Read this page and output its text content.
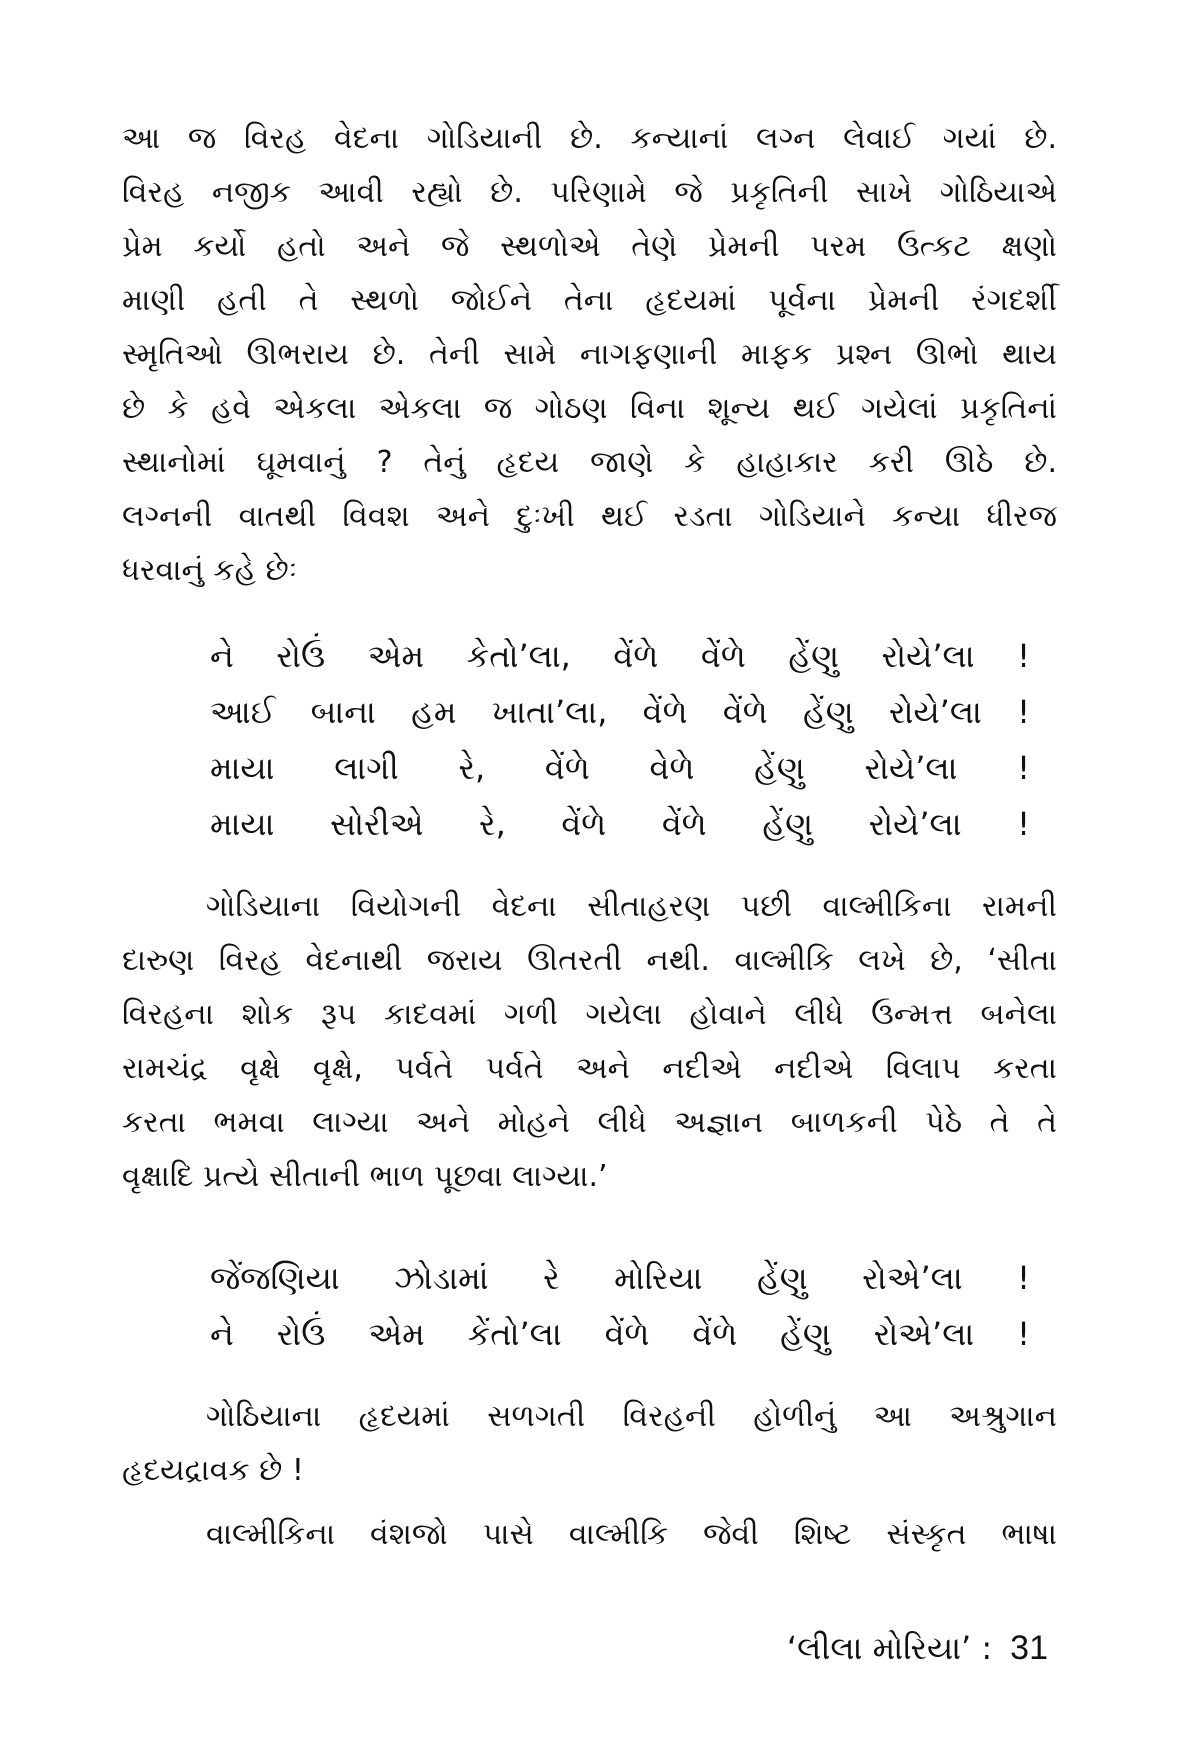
આ જ વિરહ વેદના ગોડિયાની છે. કન્યાનાં લગ્ન લેવાઈ ગયાં છે.
વિરહ નજીક આવી રહ્યો છે. પરિણામે જે પ્રકૃતિની સાખે ગોઠિયાએ
પ્રેમ કર્યો હતો અને જે સ્થળોએ તેણે પ્રેમની પરમ ઉત્કટ ક્ષણો
માણી હતી તે સ્થળો જોઈને તેના હૃદયમાં પૂર્વના પ્રેમની રંગદર્શી
સ્મૃતિઓ ઊભરાય છે. તેની સામે નાગફણાની માફક પ્રશ્ન ઊભો થાય
છે કે હવે એકલા એકલા જ ગોઠણ વિના શૂન્ય થઈ ગયેલાં પ્રકૃતિનાં
સ્થાનોમાં ઘૂમવાનું ? તેનું હૃદય જાણે કે હાહાકાર કરી ઊઠે છે.
લગ્નની વાતથી વિવશ અને દુઃખી થઈ રડતા ગોડિયાને કન્યા ધીરજ
ધરવાનું કહે છેઃ

ને રોઉં એમ કેતો’લા, વેંળે વેંળે હેંણુ રોયે’લા !
આઈ બાના હમ ખાતા’લા, વેંળે વેંળે હેંણુ રોયે’લા !
માયા લાગી રે, વેંળે વેળે હેંણુ રોયે’લા !
માયા સોરીએ રે, વેંળે વેંળે હેંણુ રોયે’લા !

ગોડિયાના વિયોગની વેદના સીતાહરણ પછી વાલ્મીકિના રામની
દારુણ વિરહ વેદનાથી જરાય ઊતરતી નથી. વાલ્મીકિ લખે છે, ‘સીતા
વિરહના શોક રૂપ કાદવમાં ગળી ગયેલા હોવાને લીધે ઉન્મત્ત બનેલા
રામચંદ્ર વૃક્ષે વૃક્ષે, પર્વતે પર્વતે અને નદીએ નદીએ વિલાપ કરતા
કરતા ભમવા લાગ્યા અને મોહને લીધે અજ્ઞાન બાળકની પેઠે તે તે
વૃક્ષાદિ પ્રત્યે સીતાની ભાળ પૂછવા લાગ્યા.’

જેંજણિયા ઝોડામાં રે મોરિયા હેંણુ રોએ’લા !
ને રોઉં એમ કેંતો’લા વેંળે વેંળે હેંણુ રોએ’લા !

ગોઠિયાના હૃદયમાં સળગતી વિરહની હોળીનું આ અશ્રુગાન
હૃદયદ્રાવક છે !

વાલ્મીકિના વંશજો પાસે વાલ્મીકિ જેવી શિષ્ટ સંસ્કૃત ભાષા

‘લીલા મોરિયા’ : 31
